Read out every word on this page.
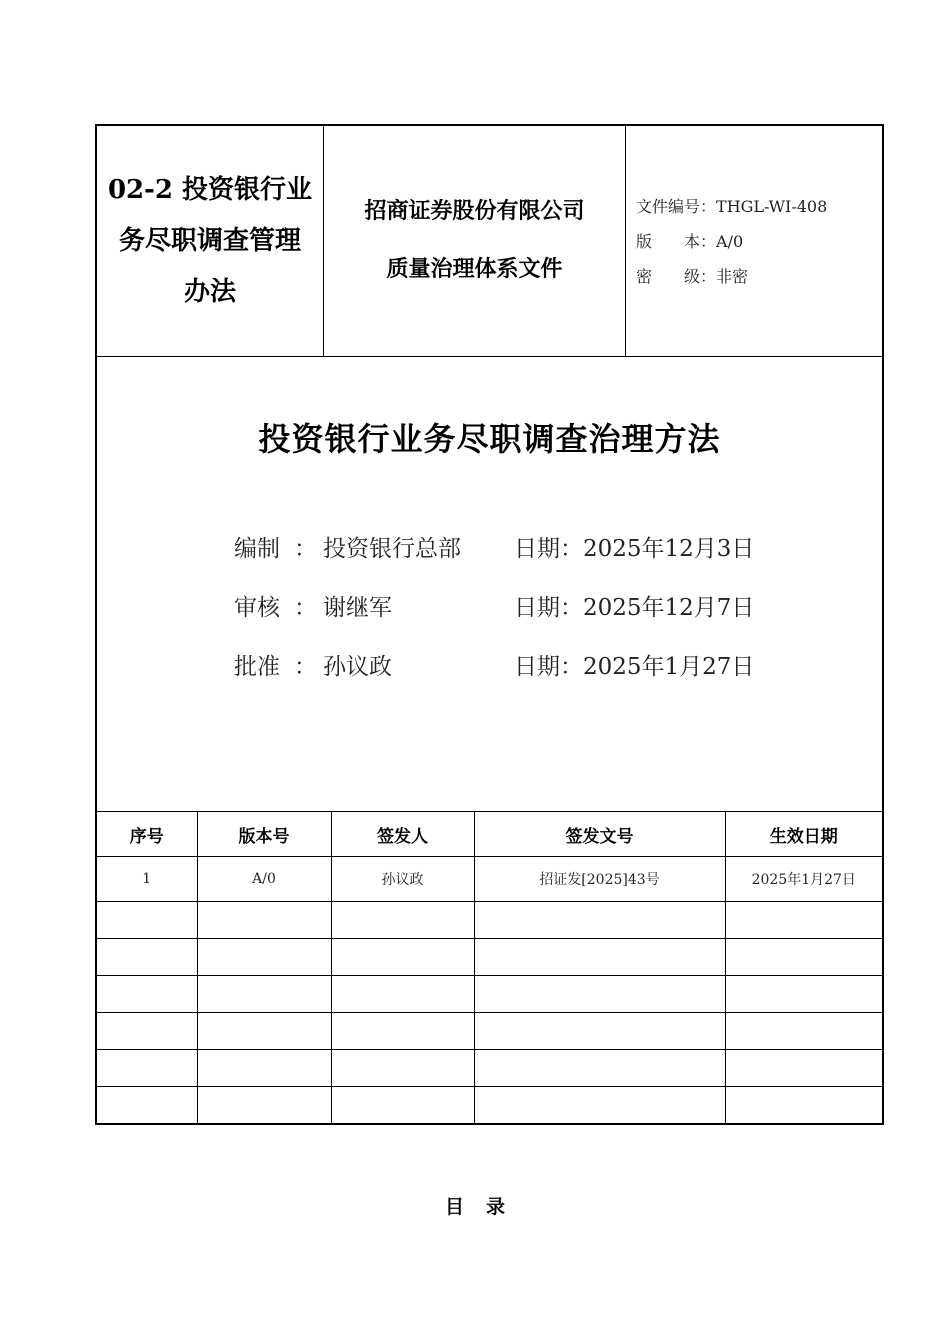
02-2 投资银行业务尽职调查管理办法
招商证券股份有限公司
质量治理体系文件
文件编号：THGL-WI-408
版　　本：A/0
密　　级：非密
投资银行业务尽职调查治理方法
编制 ： 投资银行总部 日期：2025年12月3日
审核 ： 谢继军	日期：2025年12月7日
批准 ： 孙议政	日期：2025年1月27日
序号	版本号	签发人	签发文号	生效日期
1	A/0	孙议政	招证发[2025]43号	2025年1月27日

目录
